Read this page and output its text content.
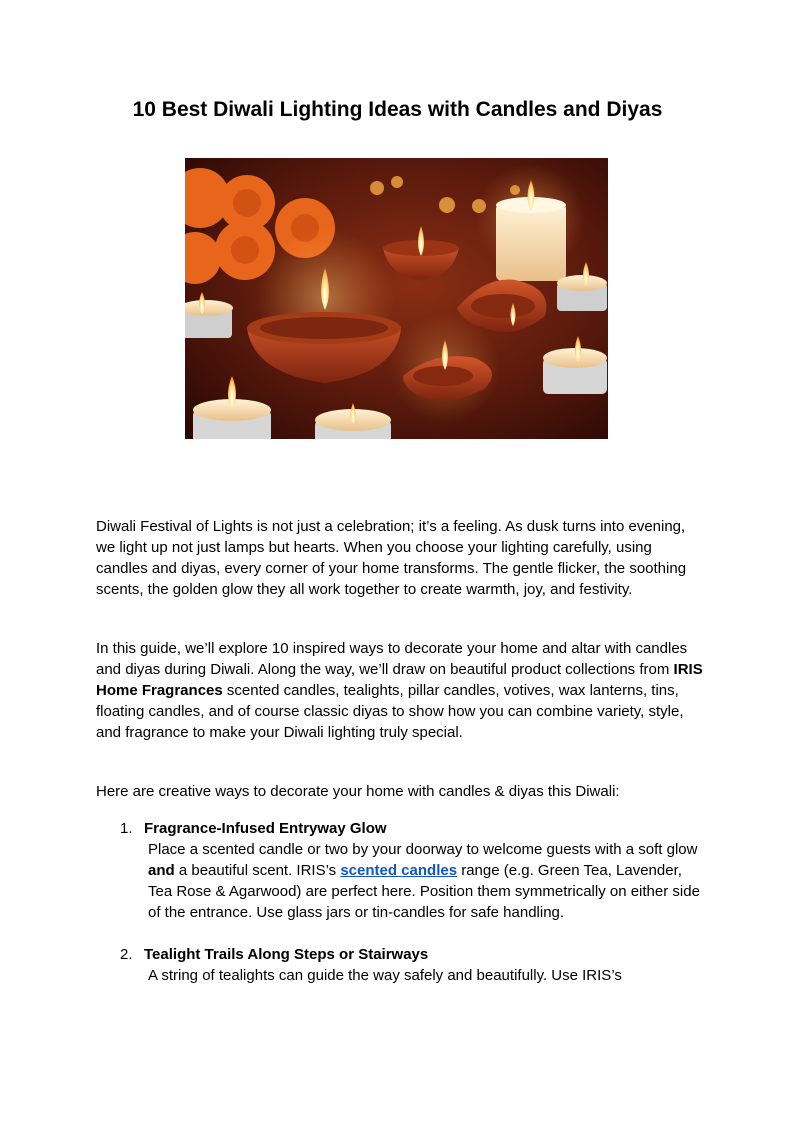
10 Best Diwali Lighting Ideas with Candles and Diyas

Diwali Festival of Lights is not just a celebration; it’s a feeling. As dusk turns into evening, we light up not just lamps but hearts. When you choose your lighting carefully, using candles and diyas, every corner of your home transforms. The gentle flicker, the soothing scents, the golden glow they all work together to create warmth, joy, and festivity.

In this guide, we’ll explore 10 inspired ways to decorate your home and altar with candles and diyas during Diwali. Along the way, we’ll draw on beautiful product collections from IRIS Home Fragrances scented candles, tealights, pillar candles, votives, wax lanterns, tins, floating candles, and of course classic diyas to show how you can combine variety, style, and fragrance to make your Diwali lighting truly special.

Here are creative ways to decorate your home with candles & diyas this Diwali:

1. Fragrance-Infused Entryway Glow
Place a scented candle or two by your doorway to welcome guests with a soft glow and a beautiful scent. IRIS’s scented candles range (e.g. Green Tea, Lavender, Tea Rose & Agarwood) are perfect here. Position them symmetrically on either side of the entrance. Use glass jars or tin-candles for safe handling.
2. Tealight Trails Along Steps or Stairways
A string of tealights can guide the way safely and beautifully. Use IRIS’s
